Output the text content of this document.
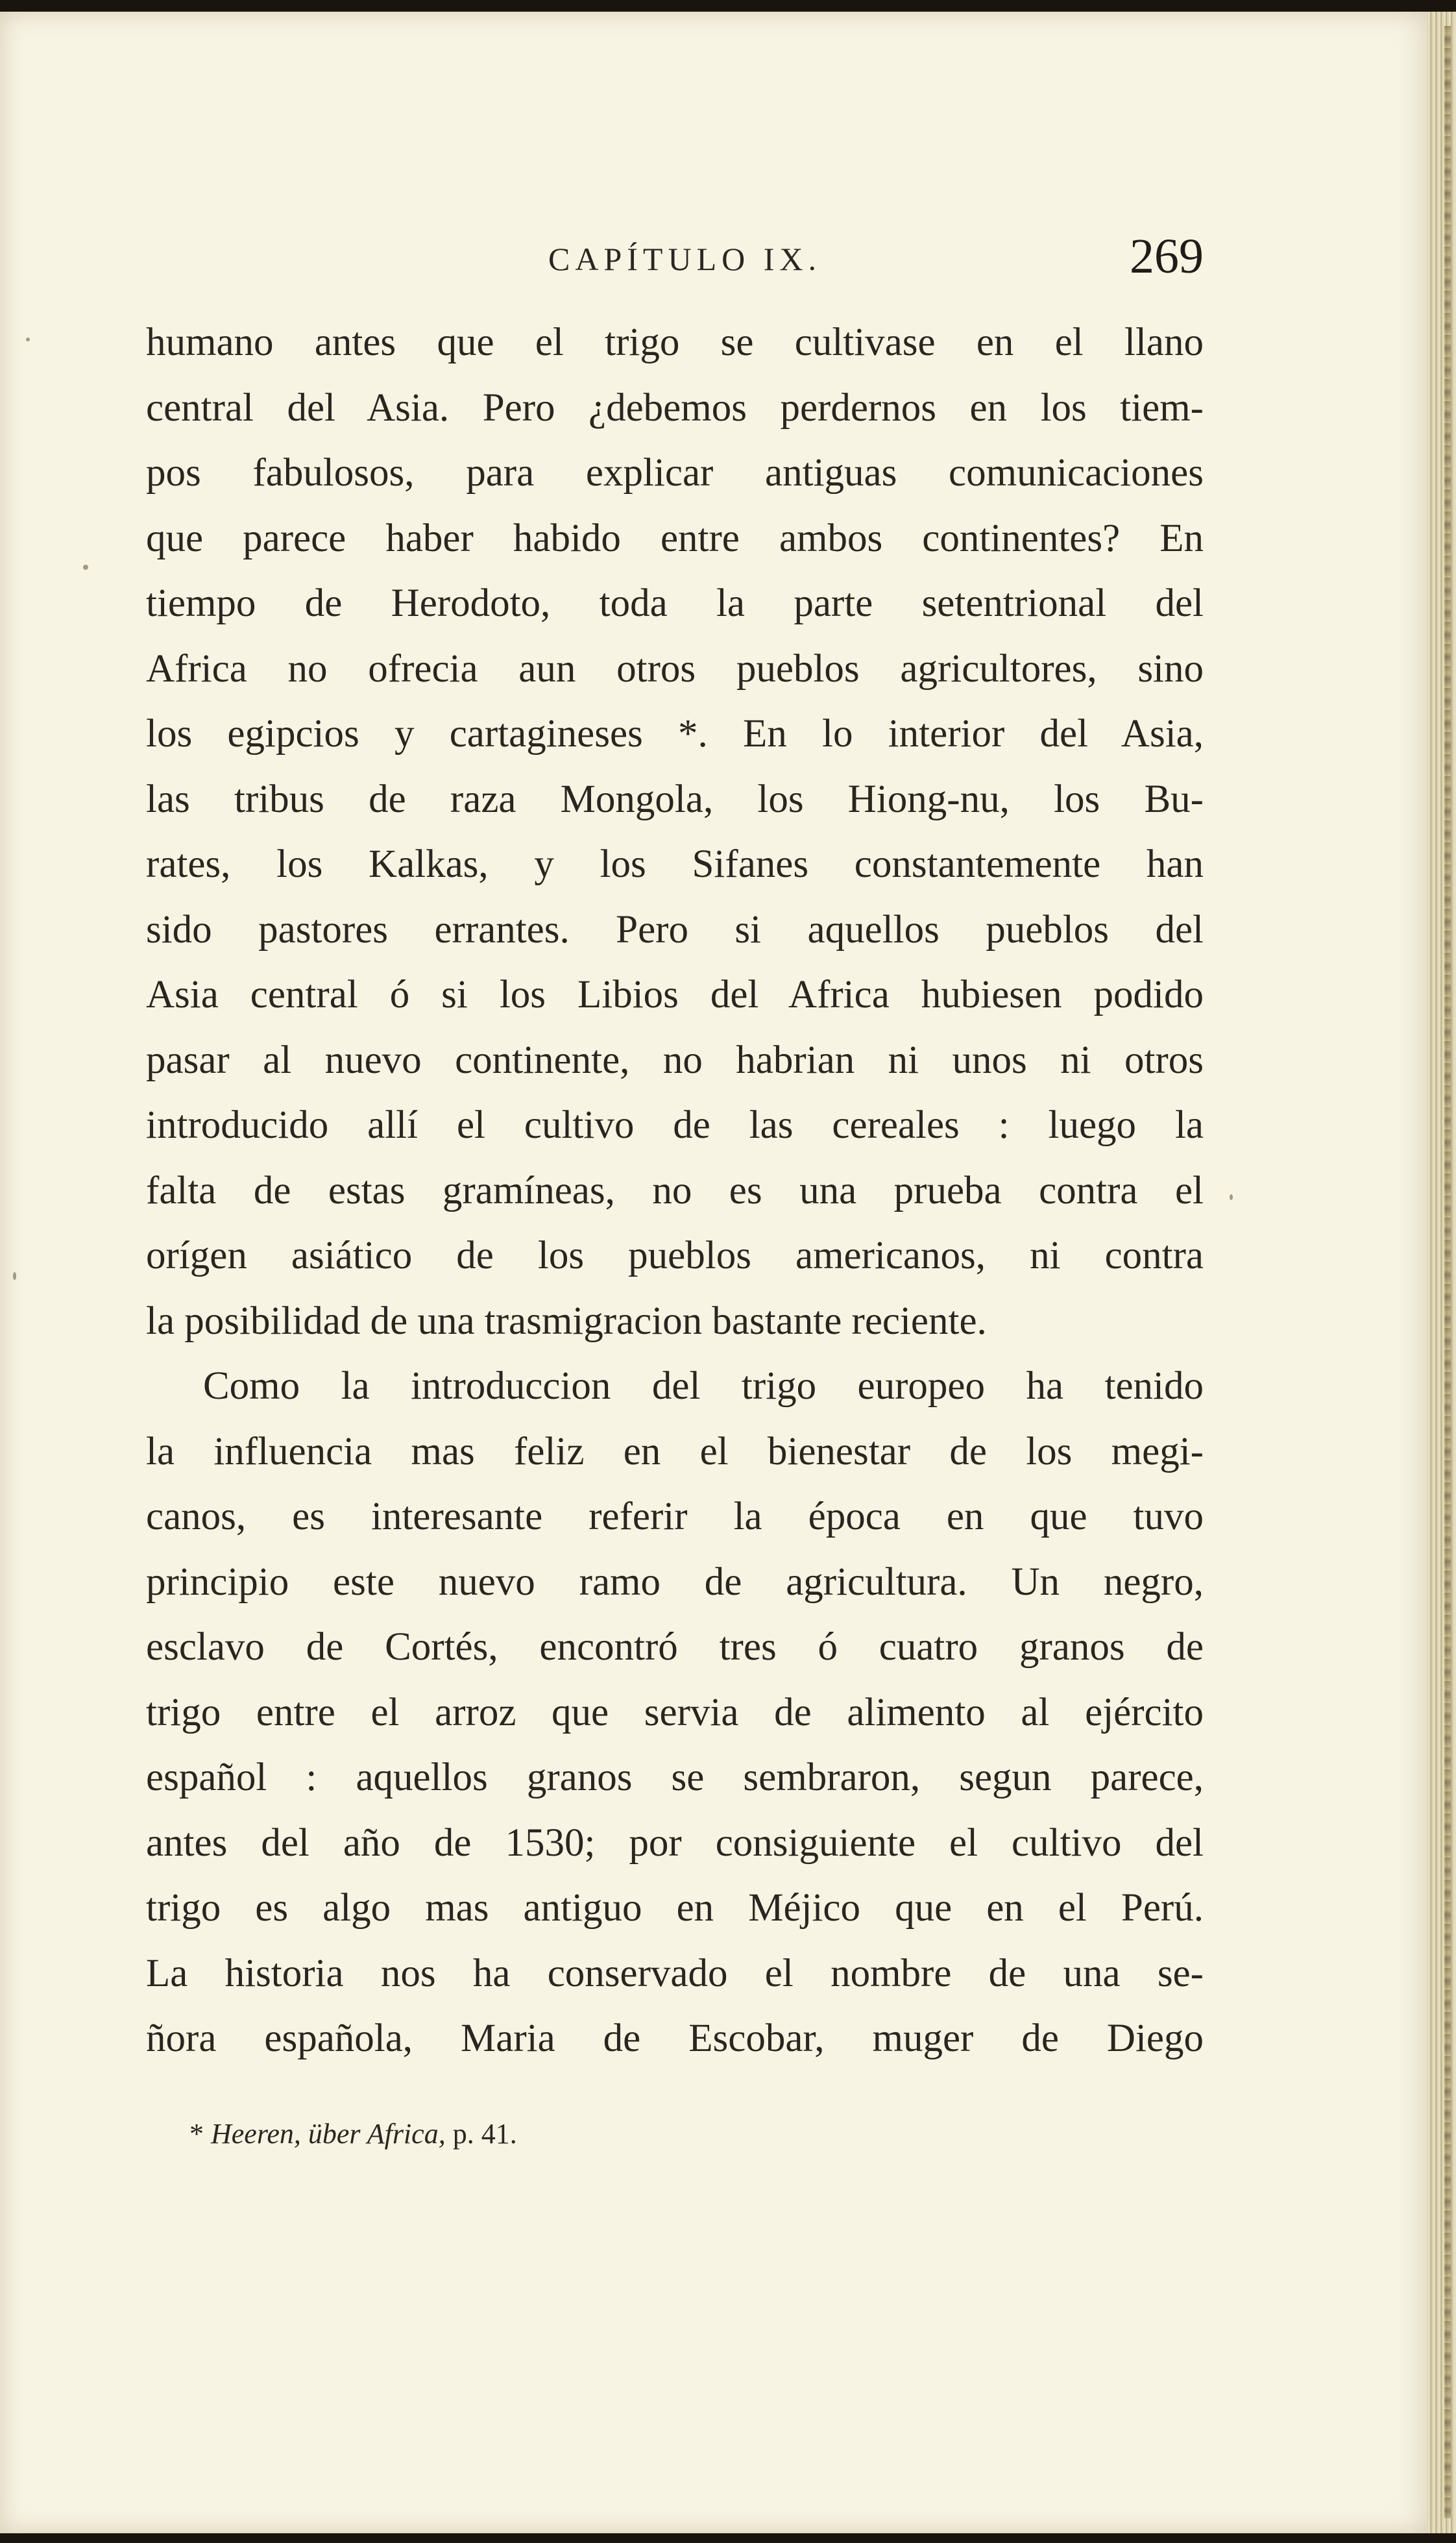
CAPÍTULO IX.	269
humano antes que el trigo se cultivase en el llano
central del Asia. Pero ¿debemos perdernos en los tiem-
pos fabulosos, para explicar antiguas comunicaciones
que parece haber habido entre ambos continentes? En
tiempo de Herodoto, toda la parte setentrional del
Africa no ofrecia aun otros pueblos agricultores, sino
los egipcios y cartagineses *. En lo interior del Asia,
las tribus de raza Mongola, los Hiong-nu, los Bu-
rates, los Kalkas, y los Sifanes constantemente han
sido pastores errantes. Pero si aquellos pueblos del
Asia central ó si los Libios del Africa hubiesen podido
pasar al nuevo continente, no habrian ni unos ni otros
introducido allí el cultivo de las cereales : luego la
falta de estas gramíneas, no es una prueba contra el
orígen asiático de los pueblos americanos, ni contra
la posibilidad de una trasmigracion bastante reciente.
Como la introduccion del trigo europeo ha tenido
la influencia mas feliz en el bienestar de los megi-
canos, es interesante referir la época en que tuvo
principio este nuevo ramo de agricultura. Un negro,
esclavo de Cortés, encontró tres ó cuatro granos de
trigo entre el arroz que servia de alimento al ejército
español : aquellos granos se sembraron, segun parece,
antes del año de 1530; por consiguiente el cultivo del
trigo es algo mas antiguo en Méjico que en el Perú.
La historia nos ha conservado el nombre de una se-
ñora española, Maria de Escobar, muger de Diego
* Heeren, über Africa, p. 41.
